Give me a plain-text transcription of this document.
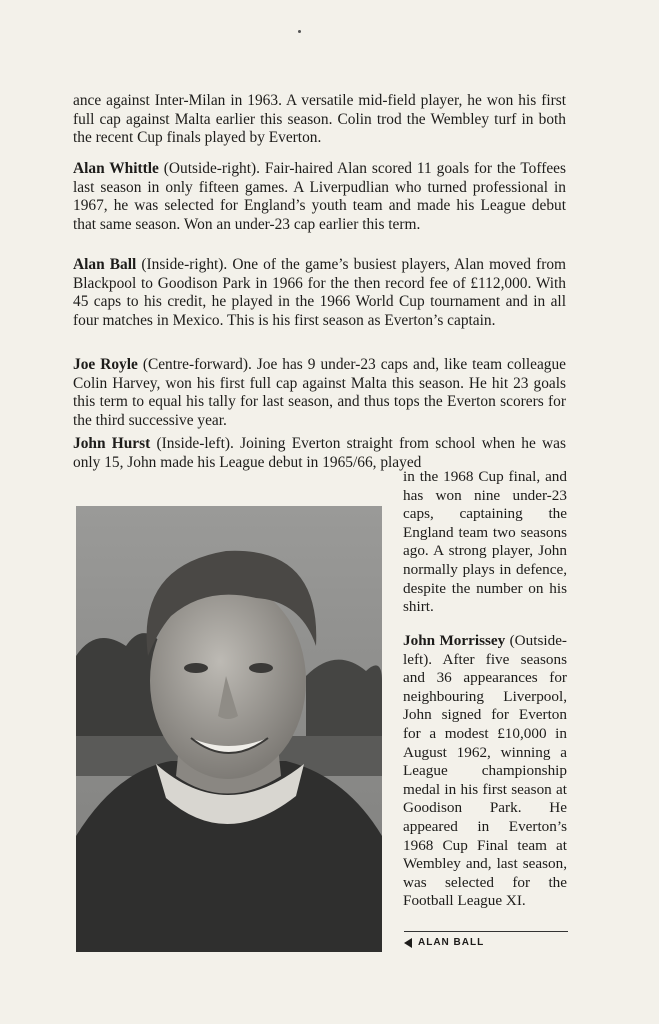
ance against Inter-Milan in 1963. A versatile mid-field player, he won his first full cap against Malta earlier this season. Colin trod the Wembley turf in both the recent Cup finals played by Everton.

Alan Whittle (Outside-right). Fair-haired Alan scored 11 goals for the Toffees last season in only fifteen games. A Liverpudlian who turned professional in 1967, he was selected for England’s youth team and made his League debut that same season. Won an under-23 cap earlier this term.

Alan Ball (Inside-right). One of the game’s busiest players, Alan moved from Blackpool to Goodison Park in 1966 for the then record fee of £112,000. With 45 caps to his credit, he played in the 1966 World Cup tournament and in all four matches in Mexico. This is his first season as Everton’s captain.

Joe Royle (Centre-forward). Joe has 9 under-23 caps and, like team colleague Colin Harvey, won his first full cap against Malta this season. He hit 23 goals this term to equal his tally for last season, and thus tops the Everton scorers for the third successive year.

John Hurst (Inside-left). Joining Everton straight from school when he was only 15, John made his League debut in 1965/66, played

in the 1968 Cup final, and has won nine under-23 caps, captaining the England team two seasons ago. A strong player, John normally plays in defence, despite the number on his shirt.

John Morrissey (Outside-left). After five seasons and 36 appearances for neighbouring Liverpool, John signed for Everton for a modest £10,000 in August 1962, winning a League championship medal in his first season at Goodison Park. He appeared in Everton’s 1968 Cup Final team at Wembley and, last season, was selected for the Football League XI.

ALAN BALL
